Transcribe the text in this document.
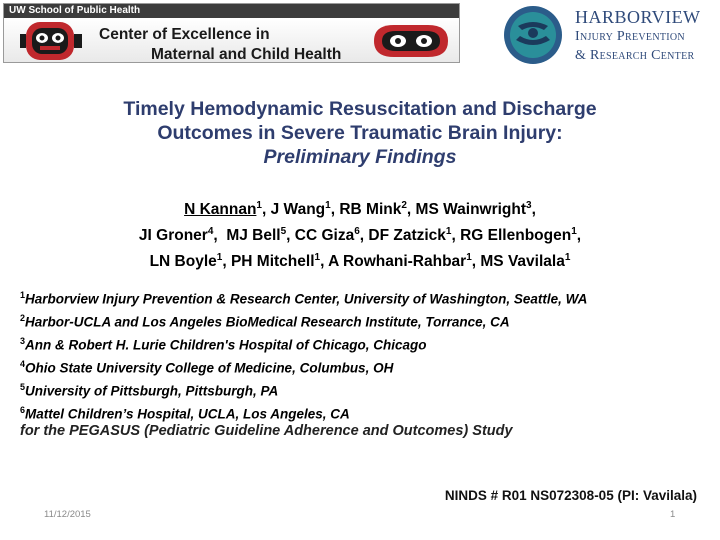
UW School of Public Health
Center of Excellence in
Maternal and Child Health
HARBORVIEW
Injury Prevention
& Research Center
Timely Hemodynamic Resuscitation and Discharge
Outcomes in Severe Traumatic Brain Injury:
Preliminary Findings
N Kannan$^1$, J Wang$^1$, RB Mink$^2$, MS Wainwright$^3$,
JI Groner$^4$,  MJ Bell$^5$, CC Giza$^6$, DF Zatzick$^1$, RG Ellenbogen$^1$,
LN Boyle$^1$, PH Mitchell$^1$, A Rowhani-Rahbar$^1$, MS Vavilala$^1$
$^1$Harborview Injury Prevention & Research Center, University of Washington, Seattle, WA
$^2$Harbor-UCLA and Los Angeles BioMedical Research Institute, Torrance, CA
$^3$Ann & Robert H. Lurie Children's Hospital of Chicago, Chicago
$^4$Ohio State University College of Medicine, Columbus, OH
$^5$University of Pittsburgh, Pittsburgh, PA
$^6$Mattel Children’s Hospital, UCLA, Los Angeles, CA
for the PEGASUS (Pediatric Guideline Adherence and Outcomes) Study
NINDS # R01 NS072308-05 (PI: Vavilala)
11/12/2015	1
